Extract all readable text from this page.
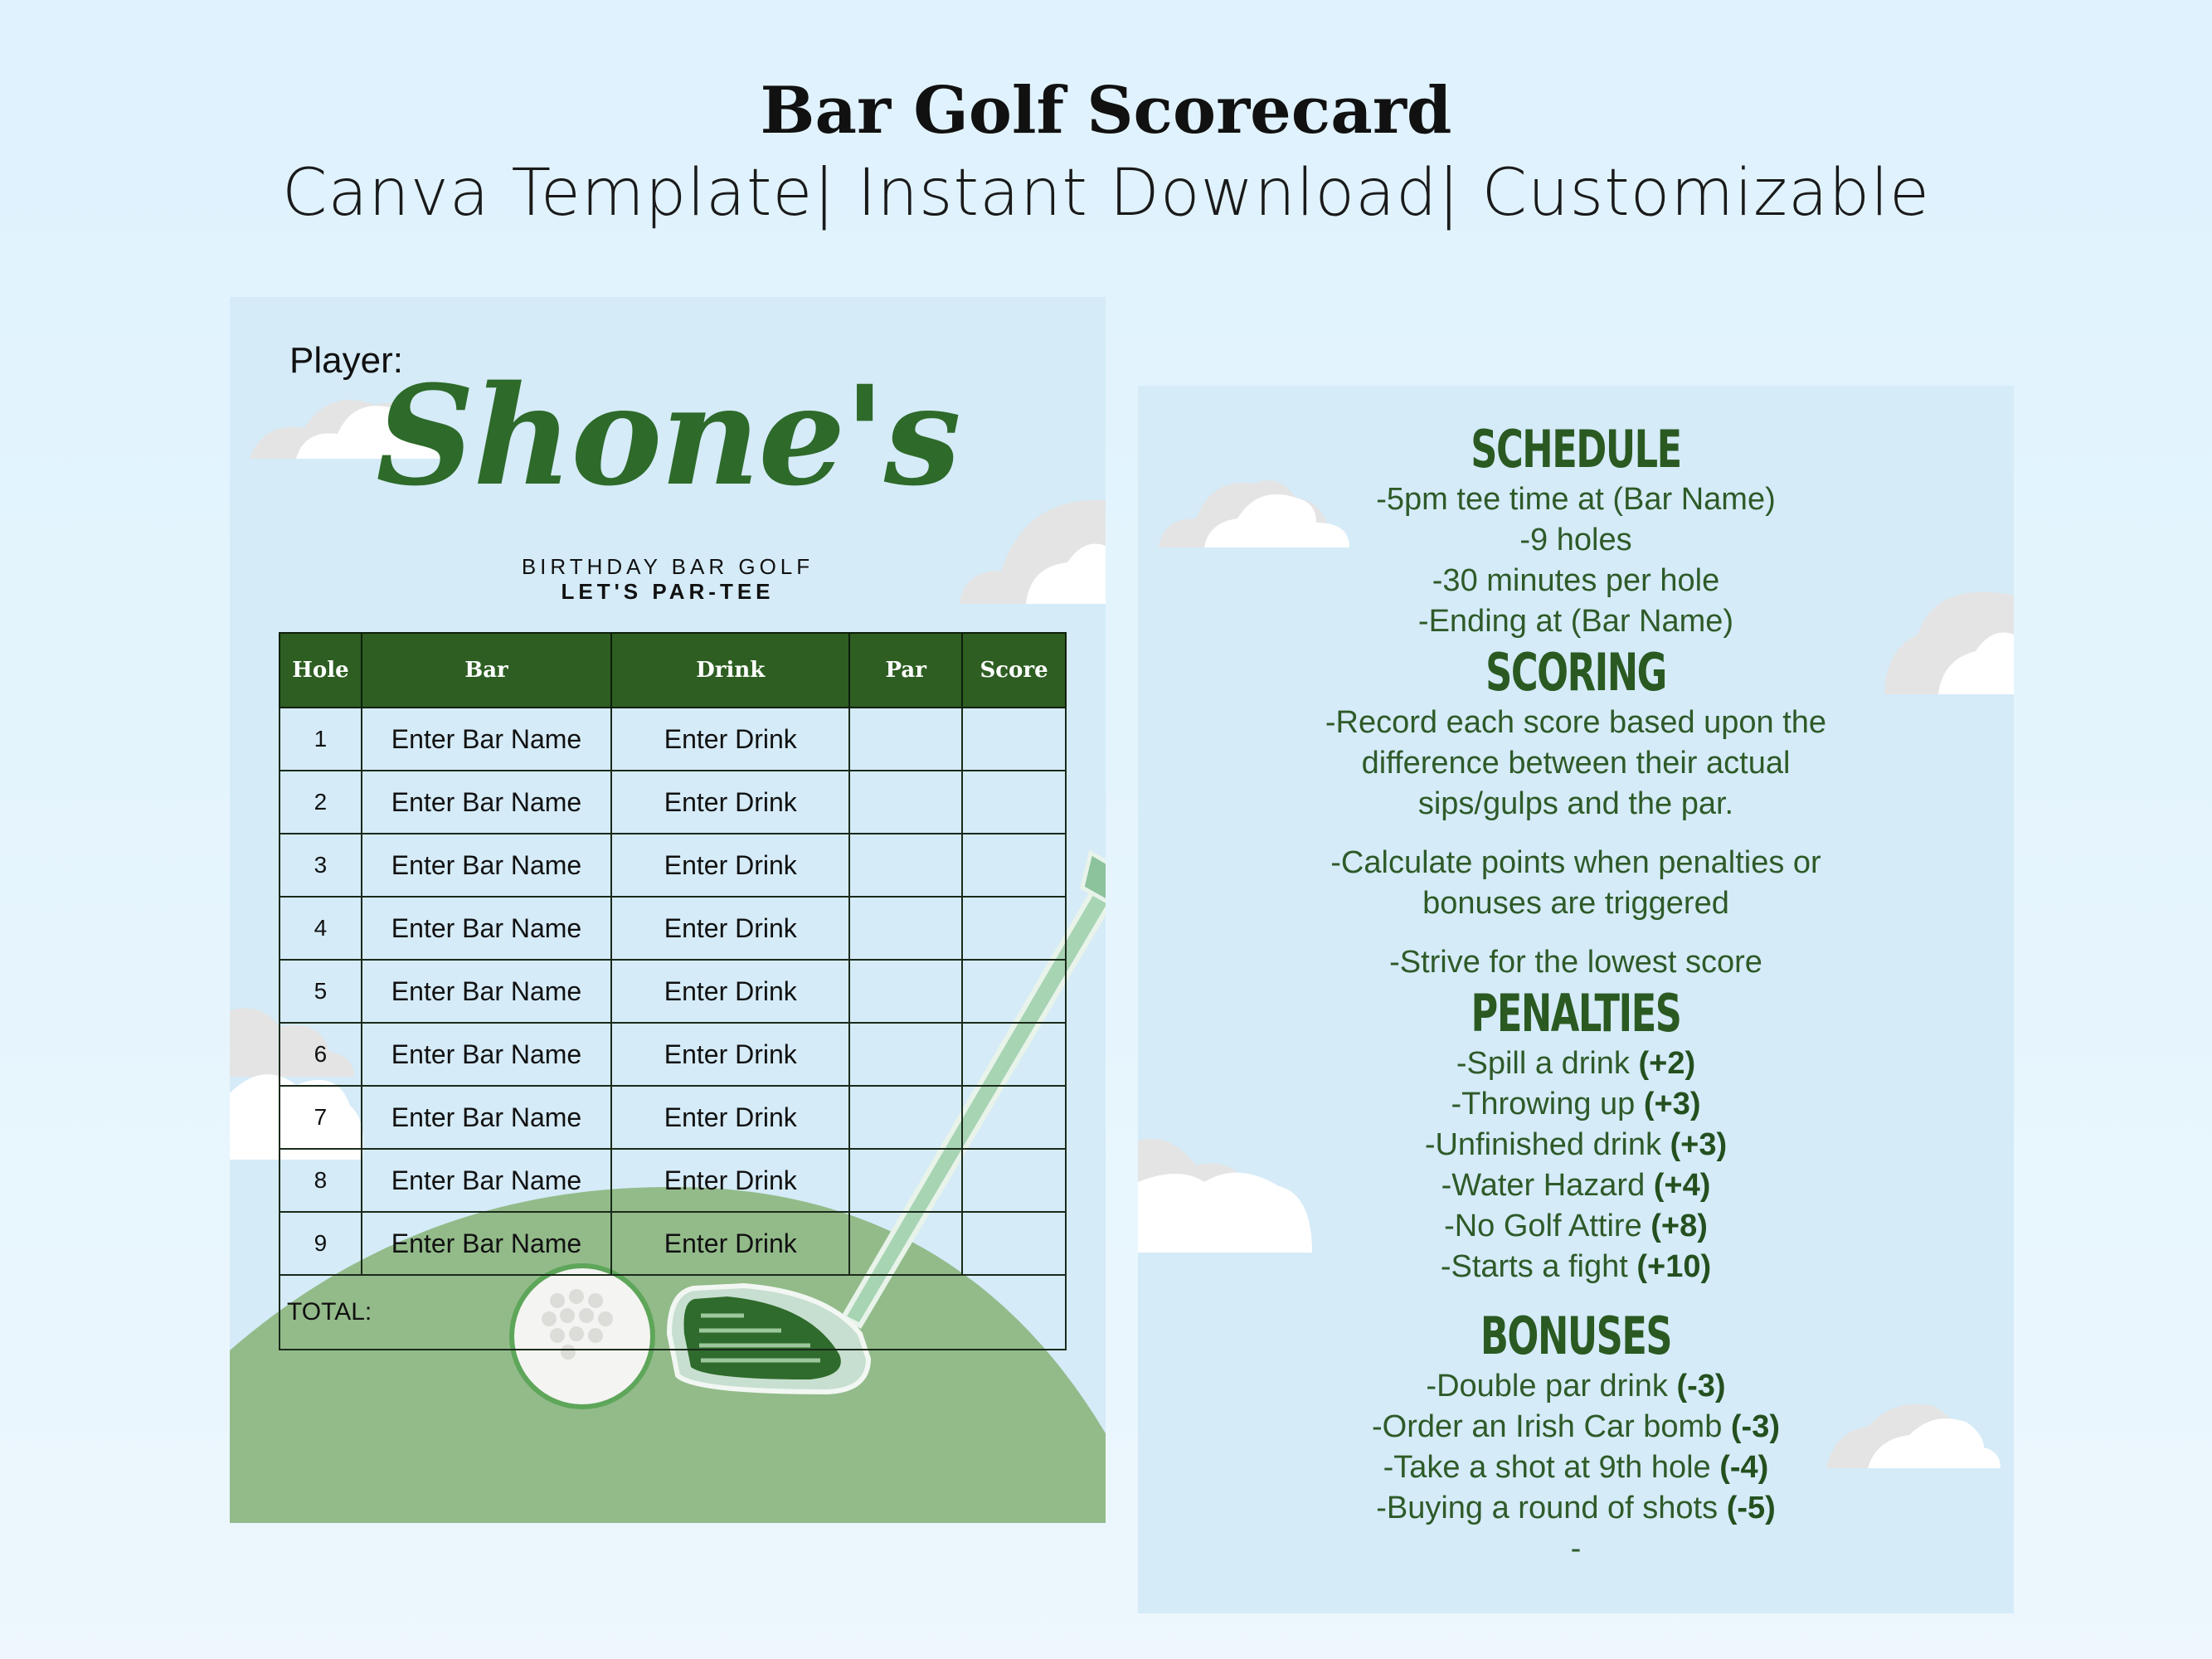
Bar Golf Scorecard
Canva Template| Instant Download| Customizable
Player:
Shone's
BIRTHDAY BAR GOLF
LET'S PAR-TEE
Hole	Bar	Drink	Par	Score
1	Enter Bar Name	Enter Drink		
2	Enter Bar Name	Enter Drink		
3	Enter Bar Name	Enter Drink		
4	Enter Bar Name	Enter Drink		
5	Enter Bar Name	Enter Drink		
6	Enter Bar Name	Enter Drink		
7	Enter Bar Name	Enter Drink		
8	Enter Bar Name	Enter Drink		
9	Enter Bar Name	Enter Drink		
TOTAL:				
SCHEDULE

-5pm tee time at (Bar Name)

-9 holes

-30 minutes per hole

-Ending at (Bar Name)

SCORING

-Record each score based upon the

difference between their actual

sips/gulps and the par.

-Calculate points when penalties or

bonuses are triggered

-Strive for the lowest score

PENALTIES

-Spill a drink (+2)

-Throwing up (+3)

-Unfinished drink (+3)

-Water Hazard (+4)

-No Golf Attire (+8)

-Starts a fight (+10)

BONUSES

-Double par drink (-3)

-Order an Irish Car bomb (-3)

-Take a shot at 9th hole (-4)

-Buying a round of shots (-5)

-
